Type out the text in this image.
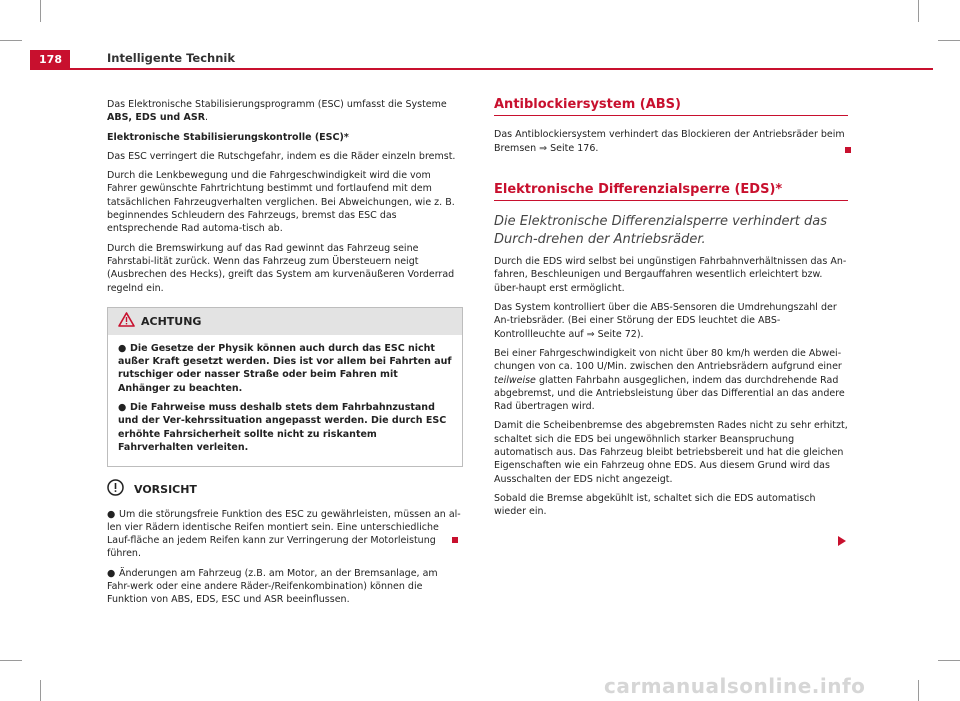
178	Intelligente Technik

Das Elektronische Stabilisierungsprogramm (ESC) umfasst die Systeme
ABS, EDS und ASR.

Elektronische Stabilisierungskontrolle (ESC)*

Das ESC verringert die Rutschgefahr, indem es die Räder einzeln bremst.

Durch die Lenkbewegung und die Fahrgeschwindigkeit wird die vom Fahrer gewünschte Fahrtrichtung bestimmt und fortlaufend mit dem tatsächlichen Fahrzeugverhalten verglichen. Bei Abweichungen, wie z. B. beginnendes Schleudern des Fahrzeugs, bremst das ESC das entsprechende Rad automa-tisch ab.

Durch die Bremswirkung auf das Rad gewinnt das Fahrzeug seine Fahrstabi-lität zurück. Wenn das Fahrzeug zum Übersteuern neigt (Ausbrechen des Hecks), greift das System am kurvenäußeren Vorderrad regelnd ein.

ACHTUNG

● Die Gesetze der Physik können auch durch das ESC nicht außer Kraft gesetzt werden. Dies ist vor allem bei Fahrten auf rutschiger oder nasser Straße oder beim Fahren mit Anhänger zu beachten.

● Die Fahrweise muss deshalb stets dem Fahrbahnzustand und der Ver-kehrssituation angepasst werden. Die durch ESC erhöhte Fahrsicherheit sollte nicht zu riskantem Fahrverhalten verleiten.

VORSICHT

● Um die störungsfreie Funktion des ESC zu gewährleisten, müssen an al-len vier Rädern identische Reifen montiert sein. Eine unterschiedliche Lauf-fläche an jedem Reifen kann zur Verringerung der Motorleistung führen.

● Änderungen am Fahrzeug (z.B. am Motor, an der Bremsanlage, am Fahr-werk oder eine andere Räder-/Reifenkombination) können die Funktion von ABS, EDS, ESC und ASR beeinflussen.

Antiblockiersystem (ABS)

Das Antiblockiersystem verhindert das Blockieren der Antriebsräder beim Bremsen ⇒ Seite 176.

Elektronische Differenzialsperre (EDS)*

Die Elektronische Differenzialsperre verhindert das Durch-drehen der Antriebsräder.

Durch die EDS wird selbst bei ungünstigen Fahrbahnverhältnissen das An-fahren, Beschleunigen und Bergauffahren wesentlich erleichtert bzw. über-haupt erst ermöglicht.

Das System kontrolliert über die ABS-Sensoren die Umdrehungszahl der An-triebsräder. (Bei einer Störung der EDS leuchtet die ABS-Kontrollleuchte auf ⇒ Seite 72).

Bei einer Fahrgeschwindigkeit von nicht über 80 km/h werden die Abwei-chungen von ca. 100 U/Min. zwischen den Antriebsrädern aufgrund einer teilweise glatten Fahrbahn ausgeglichen, indem das durchdrehende Rad abgebremst, und die Antriebsleistung über das Differential an das andere Rad übertragen wird.

Damit die Scheibenbremse des abgebremsten Rades nicht zu sehr erhitzt, schaltet sich die EDS bei ungewöhnlich starker Beanspruchung automatisch aus. Das Fahrzeug bleibt betriebsbereit und hat die gleichen Eigenschaften wie ein Fahrzeug ohne EDS. Aus diesem Grund wird das Ausschalten der EDS nicht angezeigt.

Sobald die Bremse abgekühlt ist, schaltet sich die EDS automatisch wieder ein.

carmanualsonline.info
